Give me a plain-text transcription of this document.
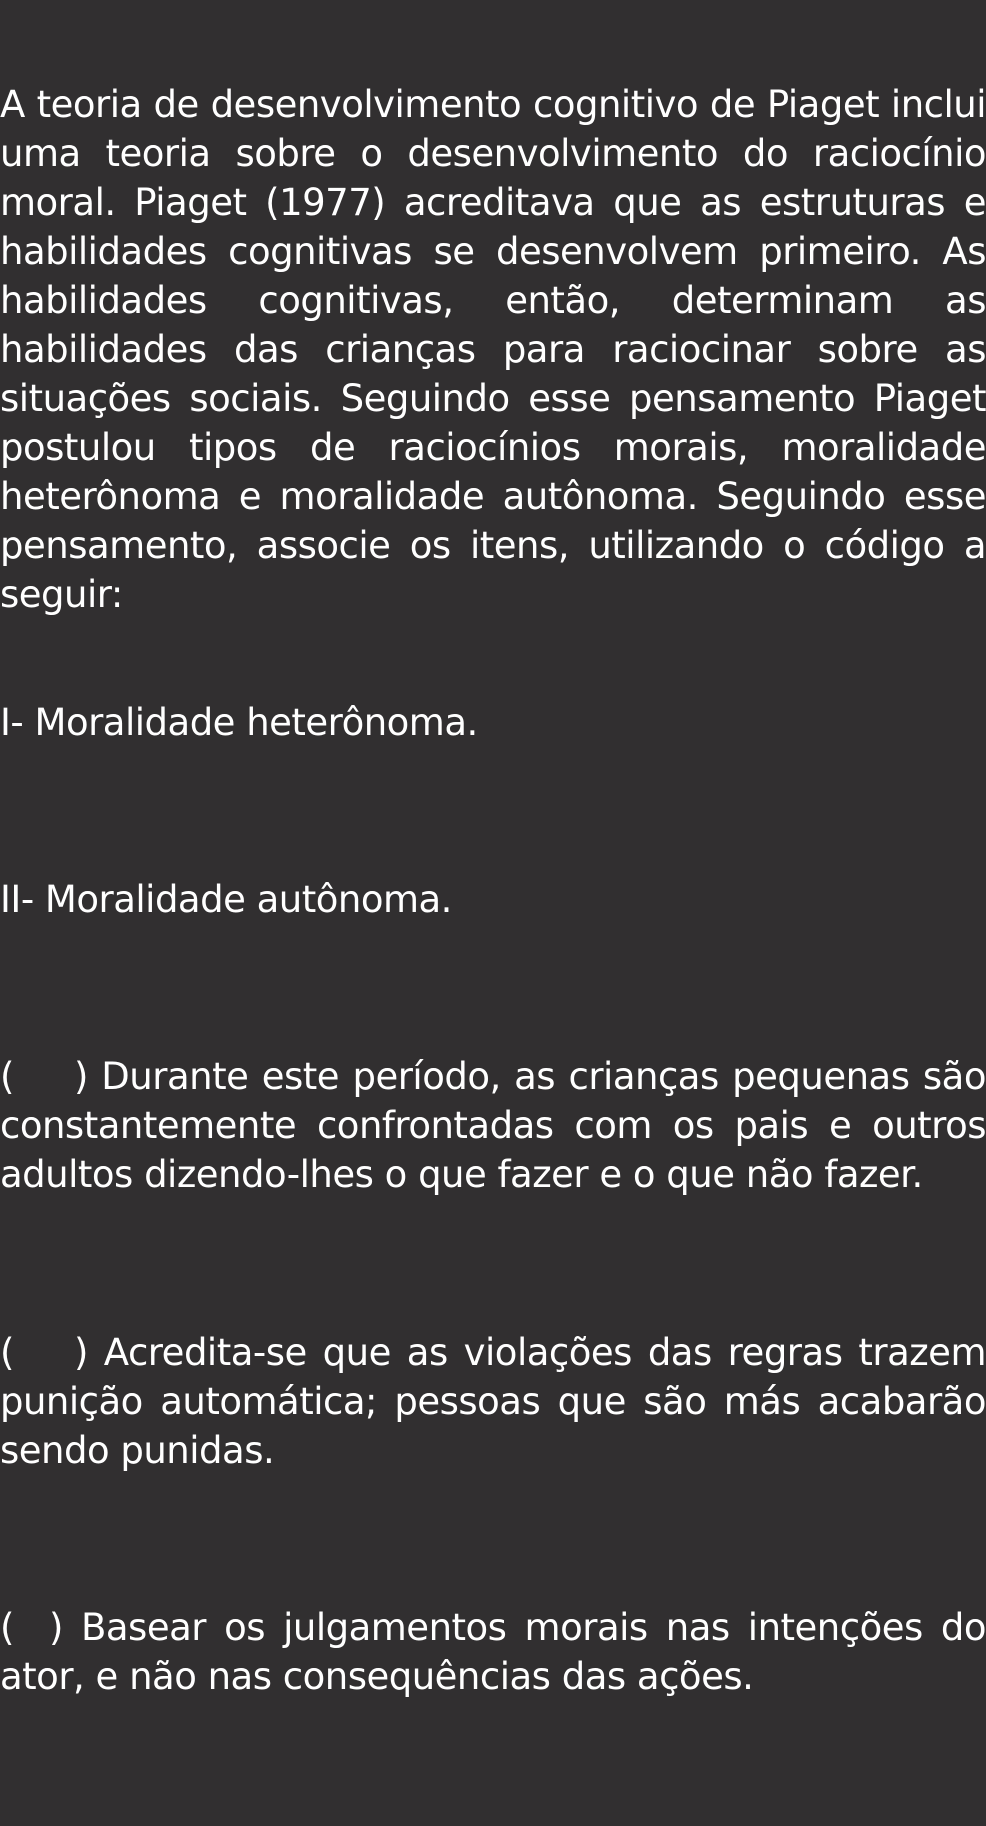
A teoria de desenvolvimento cognitivo de Piaget inclui uma teoria sobre o desenvolvimento do raciocínio moral. Piaget (1977) acreditava que as estruturas e habilidades cognitivas se desenvolvem primeiro. As habilidades cognitivas, então, determinam as habilidades das crianças para raciocinar sobre as situações sociais. Seguindo esse pensamento Piaget postulou tipos de raciocínios morais, moralidade heterônoma e moralidade autônoma. Seguindo esse pensamento, associe os itens, utilizando o código a seguir:

I- Moralidade heterônoma.

II- Moralidade autônoma.

( ) Durante este período, as crianças pequenas são constantemente confrontadas com os pais e outros adultos dizendo-lhes o que fazer e o que não fazer.

( ) Acredita-se que as violações das regras trazem punição automática; pessoas que são más acabarão sendo punidas.

( ) Basear os julgamentos morais nas intenções do ator, e não nas consequências das ações.
